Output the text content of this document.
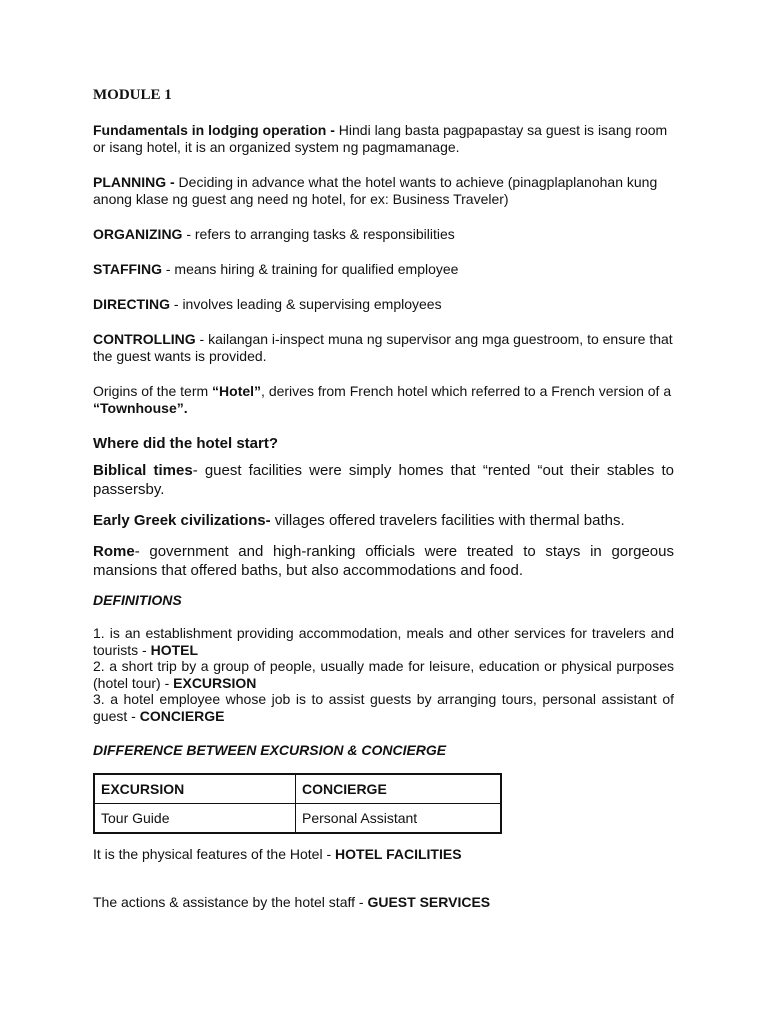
MODULE 1

Fundamentals in lodging operation - Hindi lang basta pagpapastay sa guest is isang room or isang hotel, it is an organized system ng pagmamanage.

PLANNING - Deciding in advance what the hotel wants to achieve (pinagplaplanohan kung anong klase ng guest ang need ng hotel, for ex: Business Traveler)

ORGANIZING - refers to arranging tasks & responsibilities

STAFFING - means hiring & training for qualified employee

DIRECTING - involves leading & supervising employees

CONTROLLING - kailangan i-inspect muna ng supervisor ang mga guestroom, to ensure that the guest wants is provided.

Origins of the term “Hotel”, derives from French hotel which referred to a French version of a “Townhouse”.

Where did the hotel start?

Biblical times- guest facilities were simply homes that “rented “out their stables to passersby.

Early Greek civilizations- villages offered travelers facilities with thermal baths.

Rome- government and high-ranking officials were treated to stays in gorgeous mansions that offered baths, but also accommodations and food.

DEFINITIONS
1. is an establishment providing accommodation, meals and other services for travelers and tourists - HOTEL
2. a short trip by a group of people, usually made for leisure, education or physical purposes (hotel tour) - EXCURSION
3. a hotel employee whose job is to assist guests by arranging tours, personal assistant of guest - CONCIERGE
DIFFERENCE BETWEEN EXCURSION & CONCIERGE
EXCURSION	CONCIERGE
Tour Guide	Personal Assistant

It is the physical features of the Hotel - HOTEL FACILITIES

The actions & assistance by the hotel staff - GUEST SERVICES
